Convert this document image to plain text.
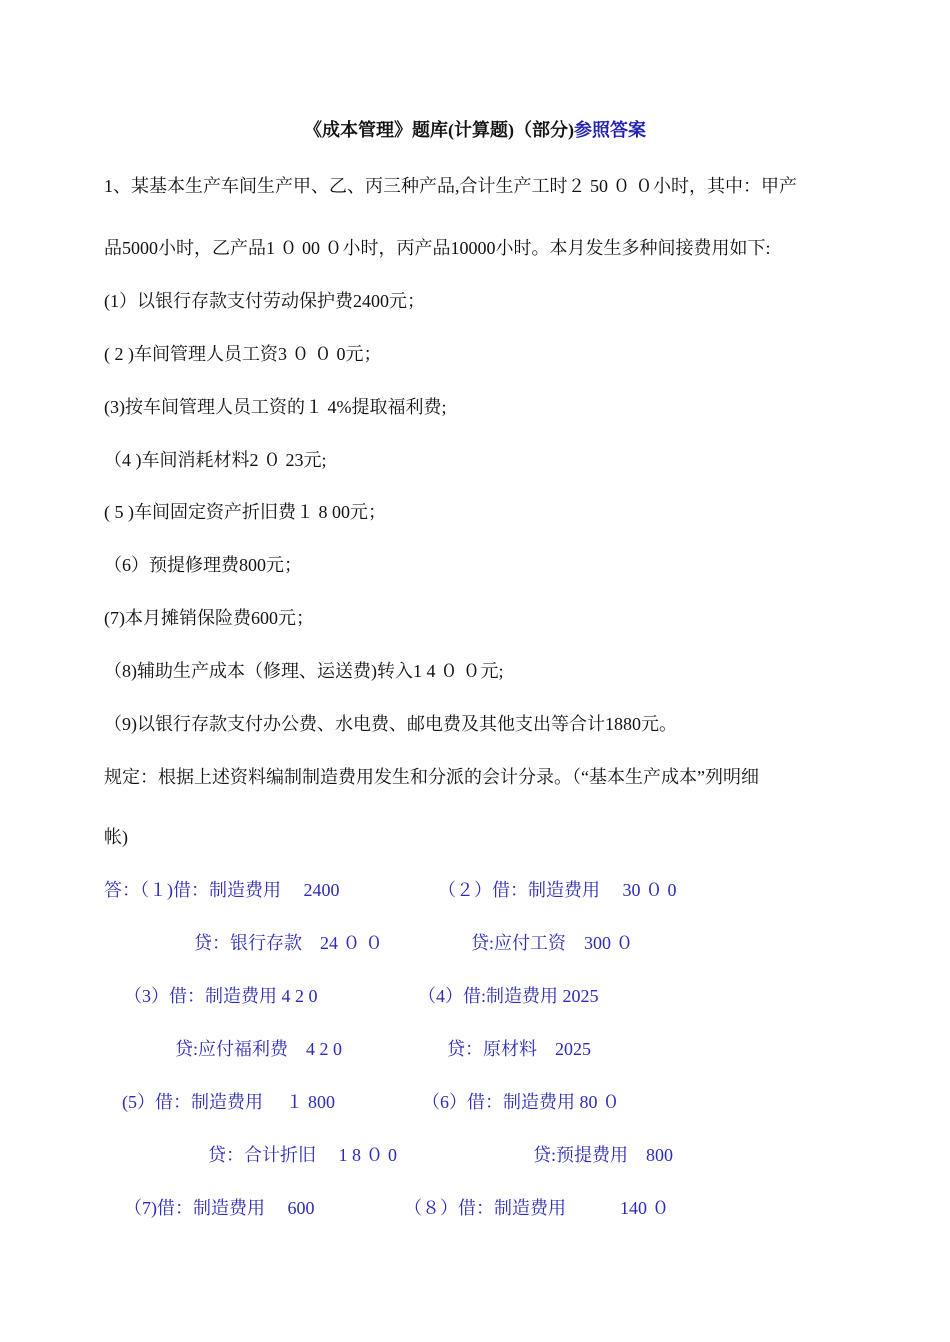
《成本管理》题库(计算题)（部分)参照答案
1、某基本生产车间生产甲、乙、丙三种产品,合计生产工时２ 50 ０ ０小时，其中：甲产
品5000小时，乙产品1 ０ 00 ０小时，丙产品10000小时。本月发生多种间接费用如下:
(1）以银行存款支付劳动保护费2400元；
( 2 )车间管理人员工资3 ０ ０ 0元；
(3)按车间管理人员工资的１ 4%提取福利费;
（4 )车间消耗材料2 ０ 23元;
( 5 )车间固定资产折旧费１ 8 00元；
（6）预提修理费800元；
(7)本月摊销保险费600元；
（8)辅助生产成本（修理、运送费)转入1 4 ０ ０元;
（9)以银行存款支付办公费、水电费、邮电费及其他支出等合计1880元。
规定：根据上述资料编制制造费用发生和分派的会计分录。（“基本生产成本”列明细
帐)
答：（１)借：制造费用　 2400	（２）借：制造费用　 30 ０ 0
贷：银行存款　24 ０ ０	贷:应付工资　300 ０
（3）借：制造费用 4 2 0	（4）借:制造费用 2025
贷:应付福利费　4 2 0	贷：原材料　2025
(5）借：制造费用　 １ 800	（6）借：制造费用 80 ０
贷：合计折旧　 1 8 ０ 0	贷:预提费用　800
（7)借：制造费用　 600	（８）借：制造费用　　　140 ０
